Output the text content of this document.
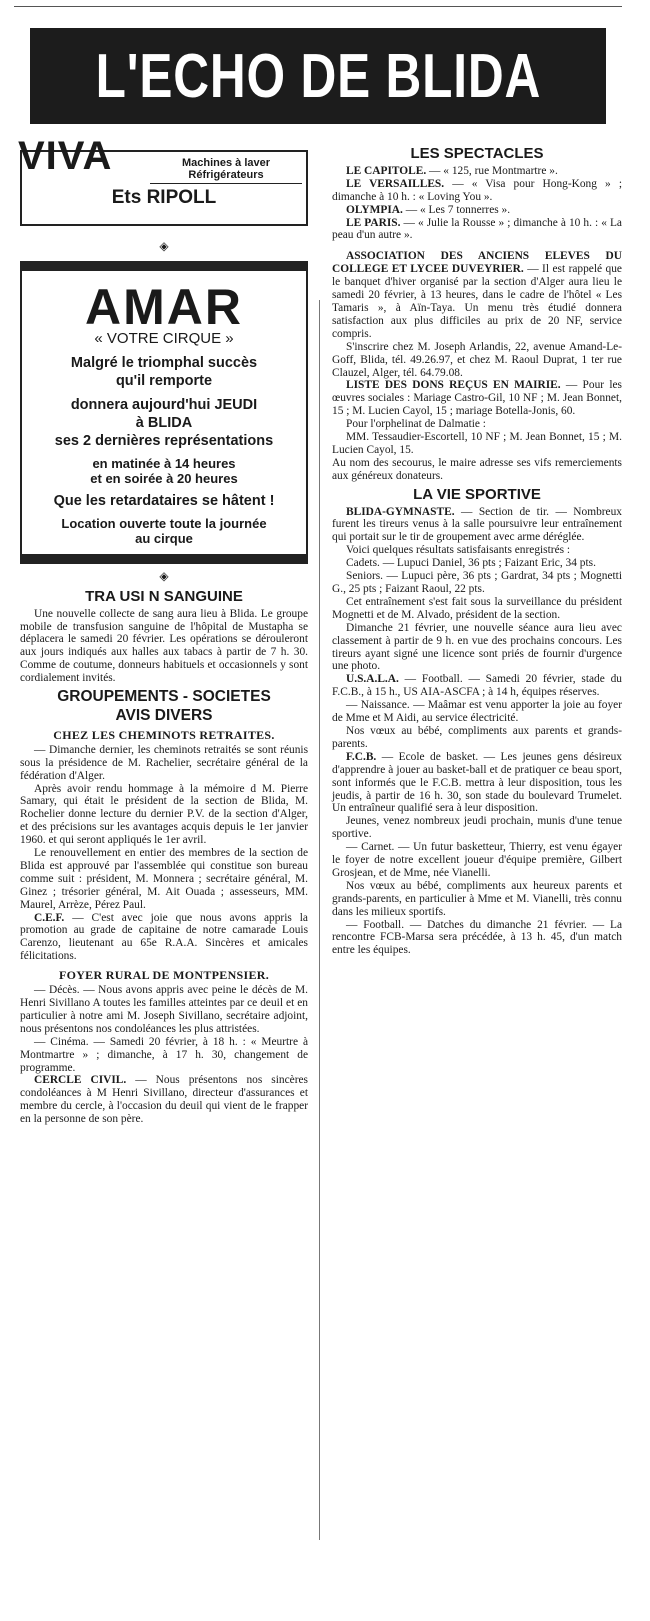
L'ECHO DE BLIDA
VIVA	Machines à laver
Réfrigérateurs
Ets RIPOLL
◈
AMAR
« VOTRE CIRQUE »
Malgré le triomphal succès
qu'il remporte
donnera aujourd'hui JEUDI
à BLIDA
ses 2 dernières représentations
en matinée à 14 heures
et en soirée à 20 heures
Que les retardataires se hâtent !
Location ouverte toute la journée
au cirque
◈
TRA USI N SANGUINE

Une nouvelle collecte de sang aura lieu à Blida. Le groupe mobile de transfusion sanguine de l'hôpital de Mustapha se déplacera le samedi 20 février. Les opérations se dérouleront aux jours indiqués aux halles aux tabacs à partir de 7 h. 30. Comme de coutume, donneurs habituels et occasionnels y sont cordialement invités.

GROUPEMENTS - SOCIETES
AVIS DIVERS
CHEZ LES CHEMINOTS RETRAITES.

— Dimanche dernier, les cheminots retraités se sont réunis sous la présidence de M. Rachelier, secrétaire général de la fédération d'Alger.

Après avoir rendu hommage à la mémoire d M. Pierre Samary, qui était le président de la section de Blida, M. Rochelier donne lecture du dernier P.V. de la section d'Alger, et des précisions sur les avantages acquis depuis le 1er janvier 1960. et qui seront appliqués le 1er avril.

Le renouvellement en entier des membres de la section de Blida est approuvé par l'assemblée qui constitue son bureau comme suit : président, M. Monnera ; secrétaire général, M. Ginez ; trésorier général, M. Ait Ouada ; assesseurs, MM. Maurel, Arrèze, Pérez Paul.

C.E.F. — C'est avec joie que nous avons appris la promotion au grade de capitaine de notre camarade Louis Carenzo, lieutenant au 65e R.A.A. Sincères et amicales félicitations.

FOYER RURAL DE MONTPENSIER.

— Décès. — Nous avons appris avec peine le décès de M. Henri Sivillano A toutes les familles atteintes par ce deuil et en particulier à notre ami M. Joseph Sivillano, secrétaire adjoint, nous présentons nos condoléances les plus attristées.

— Cinéma. — Samedi 20 février, à 18 h. : « Meurtre à Montmartre » ; dimanche, à 17 h. 30, changement de programme.

CERCLE CIVIL. — Nous présentons nos sincères condoléances à M Henri Sivillano, directeur d'assurances et membre du cercle, à l'occasion du deuil qui vient de le frapper en la personne de son père.

LES SPECTACLES

LE CAPITOLE. — « 125, rue Montmartre ».

LE VERSAILLES. — « Visa pour Hong-Kong » ; dimanche à 10 h. : « Loving You ».

OLYMPIA. — « Les 7 tonnerres ».

LE PARIS. — « Julie la Rousse » ; dimanche à 10 h. : « La peau d'un autre ».

ASSOCIATION DES ANCIENS ELEVES DU COLLEGE ET LYCEE DUVEYRIER. — Il est rappelé que le banquet d'hiver organisé par la section d'Alger aura lieu le samedi 20 février, à 13 heures, dans le cadre de l'hôtel « Les Tamaris », à Aïn-Taya. Un menu très étudié donnera satisfaction aux plus difficiles au prix de 20 NF, service compris.

S'inscrire chez M. Joseph Arlandis, 22, avenue Amand-Le-Goff, Blida, tél. 49.26.97, et chez M. Raoul Duprat, 1 ter rue Clauzel, Alger, tél. 64.79.08.

LISTE DES DONS REÇUS EN MAIRIE. — Pour les œuvres sociales : Mariage Castro-Gil, 10 NF ; M. Jean Bonnet, 15 ; M. Lucien Cayol, 15 ; mariage Botella-Jonis, 60.

Pour l'orphelinat de Dalmatie :

MM. Tessaudier-Escortell, 10 NF ; M. Jean Bonnet, 15 ; M. Lucien Cayol, 15.

Au nom des secourus, le maire adresse ses vifs remerciements aux généreux donateurs.

LA VIE SPORTIVE

BLIDA-GYMNASTE. — Section de tir. — Nombreux furent les tireurs venus à la salle poursuivre leur entraînement qui portait sur le tir de groupement avec arme déréglée.

Voici quelques résultats satisfaisants enregistrés :

Cadets. — Lupuci Daniel, 36 pts ; Faizant Eric, 34 pts.

Seniors. — Lupuci père, 36 pts ; Gardrat, 34 pts ; Mognetti G., 25 pts ; Faizant Raoul, 22 pts.

Cet entraînement s'est fait sous la surveillance du président Mognetti et de M. Alvado, président de la section.

Dimanche 21 février, une nouvelle séance aura lieu avec classement à partir de 9 h. en vue des prochains concours. Les tireurs ayant signé une licence sont priés de fournir d'urgence une photo.

U.S.A.L.A. — Football. — Samedi 20 février, stade du F.C.B., à 15 h., US AIA-ASCFA ; à 14 h, équipes réserves.

— Naissance. — Maâmar est venu apporter la joie au foyer de Mme et M Aidi, au service électricité.

Nos vœux au bébé, compliments aux parents et grands-parents.

F.C.B. — Ecole de basket. — Les jeunes gens désireux d'apprendre à jouer au basket-ball et de pratiquer ce beau sport, sont informés que le F.C.B. mettra à leur disposition, tous les jeudis, à partir de 16 h. 30, son stade du boulevard Trumelet. Un entraîneur qualifié sera à leur disposition.

Jeunes, venez nombreux jeudi prochain, munis d'une tenue sportive.

— Carnet. — Un futur basketteur, Thierry, est venu égayer le foyer de notre excellent joueur d'équipe première, Gilbert Grosjean, et de Mme, née Vianelli.

Nos vœux au bébé, compliments aux heureux parents et grands-parents, en particulier à Mme et M. Vianelli, très connu dans les milieux sportifs.

— Football. — Datches du dimanche 21 février. — La rencontre FCB-Marsa sera précédée, à 13 h. 45, d'un match entre les équipes.
